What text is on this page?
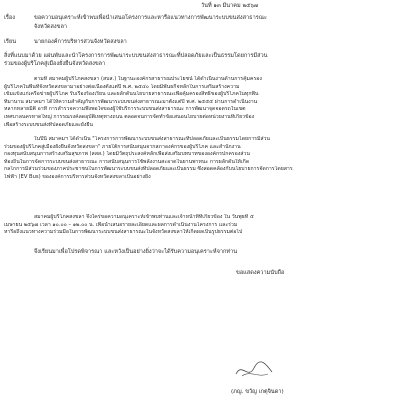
วันที่ ๑๓ มีนาคม ๒๕๖๗
เรื่อง	ขอความอนุเคราะห์เข้าพบเพื่อนำเสนอโครงการและหารือแนวทางการพัฒนาระบบขนส่งสาธารณะ
จังหวัดสงขลา
เรียน	นายกองค์การบริหารส่วนจังหวัดสงขลา
สิ่งที่แนบมาด้วย แผ่นพับและนำโครงการการพัฒนาระบบขนส่งสาธารณะที่ปลอดภัยและเป็นธรรมโดยการมีส่วน
ร่วมของผู้บริโภคสู่เมืองยั่งยืนจังหวัดสงขลา
ตามที่ สมาคมผู้บริโภคสงขลา (สบส.) ในฐานะองค์กรสาธารณประโยชน์ ได้ดำเนินงานด้านการคุ้มครอง
ผู้บริโภคในพื้นที่จังหวัดสงขลามาอย่างต่อเนื่องตั้งแต่ปี พ.ศ. ๒๕๔๐ โดยมีพันธกิจหลักในการเสริมสร้างความ
เข้มแข็งแก่เครือข่ายผู้บริโภค รับเรื่องร้องเรียน และผลักดันนโยบายสาธารณะเพื่อคุ้มครองสิทธิของผู้บริโภคในทุกพื้น
ที่มานาน สมาคมฯ ได้ให้ความสำคัญกับการพัฒนาระบบขนส่งสาธารณะมาตั้งแต่ปี พ.ศ. ๒๕๕๕ ผ่านการดำเนินงาน
หลากหลายมิติ อาทิ การสำรวจความพึงพอใจของผู้ใช้บริการระบบขนส่งสาธารณะ การพัฒนาจุดจอดรถในเขต
เทศบาลนครหาดใหญ่ การรณรงค์ลดอุบัติเหตุทางถนน ตลอดจนการจัดทำข้อเสนอนโยบายต่อหน่วยงานที่เกี่ยวข้อง
เพื่อสร้างระบบขนส่งที่ปลอดภัยและยั่งยืน
ในปีนี้ สมาคมฯ ได้ดำเนิน "โครงการการพัฒนาระบบขนส่งสาธารณะที่ปลอดภัยและเป็นธรรมโดยการมีส่วน
ร่วมของผู้บริโภคสู่เมืองยั่งยืนจังหวัดสงขลา" ภายใต้การสนับสนุนจากสภาองค์กรของผู้บริโภค และสำนักงาน
กองทุนสนับสนุนการสร้างเสริมสุขภาพ (สสส.) โดยมีวัตถุประสงค์หลักเพื่อส่งเสริมบทบาทขององค์กรปกครองส่วน
ท้องถิ่นในการจัดการระบบขนส่งสาธารณะ การสนับสนุนการใช้พลังงานสะอาดในยานพาหนะ การผลักดันให้เกิด
กลไกการมีส่วนร่วมของภาคประชาชนในการพัฒนาระบบขนส่งที่ปลอดภัยและเป็นธรรม ซึ่งสอดคล้องกับนโยบายการจัดการโดยสาร
ไฟฟ้า (EV Bus) ขององค์การบริหารส่วนจังหวัดสงขลาเป็นอย่างยิ่ง
สมาคมผู้บริโภคสงขลา จึงใคร่ขอความอนุเคราะห์เข้าพบท่านและเจ้าหน้าที่ที่เกี่ยวข้อง ใน วันพุธที่ ๕
เมษายน ๒๕๖๗ เวลา ๑๐.๐๐ – ๑๒.๐๐ น. เพื่อนำเสนอรายละเอียดและผลการดำเนินงานโครงการ และร่วม
หารือถึงแนวทางความร่วมมือในการพัฒนาระบบขนส่งสาธารณะในจังหวัดสงขลาให้เกิดผลเป็นรูปธรรมต่อไป
จึงเรียนมาเพื่อโปรดพิจารณา และหวังเป็นอย่างยิ่งว่าจะได้รับความอนุเคราะห์จากท่าน
ขอแสดงความนับถือ
(ภญ. ขวัญ เกตุจินดา)
